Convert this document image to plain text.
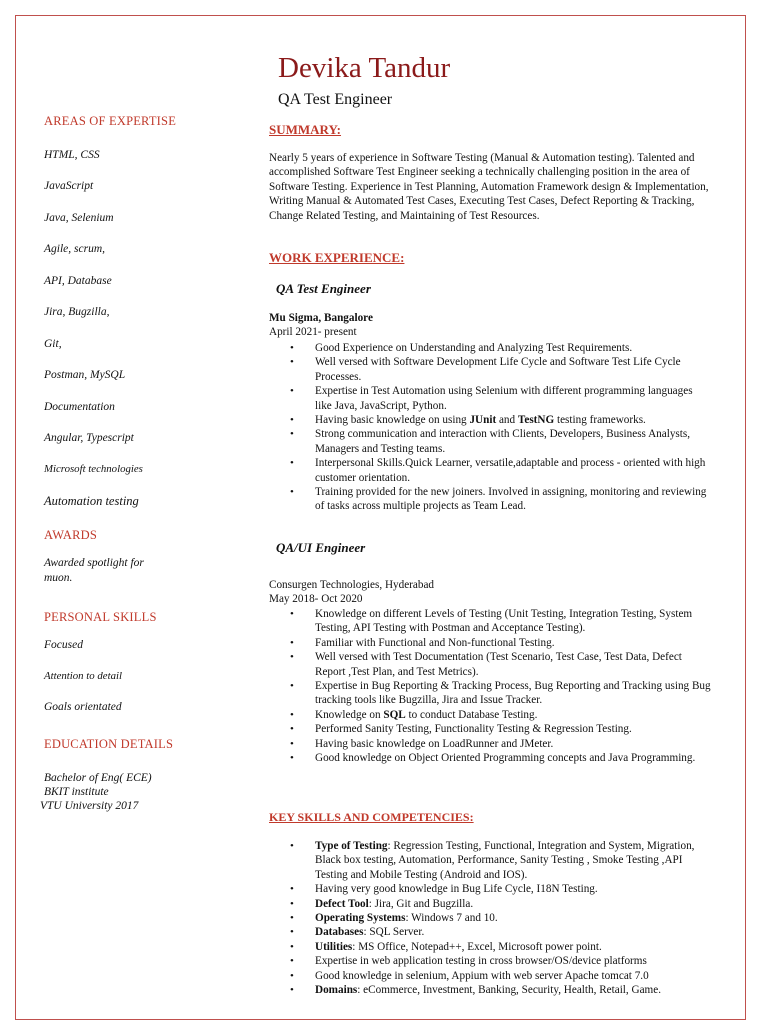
Devika Tandur
QA Test Engineer
AREAS OF EXPERTISE
HTML, CSS
JavaScript
Java, Selenium
Agile, scrum,
API, Database
Jira, Bugzilla,
Git,
Postman, MySQL
Documentation
Angular, Typescript
Microsoft technologies
Automation testing
AWARDS
Awarded spotlight for
muon.
PERSONAL SKILLS
Focused
Attention to detail
Goals orientated
EDUCATION DETAILS
Bachelor of Eng( ECE)
BKIT institute
VTU University 2017
SUMMARY:
Nearly 5 years of experience in Software Testing (Manual & Automation testing). Talented and accomplished Software Test Engineer seeking a technically challenging position in the area of Software Testing. Experience in Test Planning, Automation Framework design & Implementation, Writing Manual & Automated Test Cases, Executing Test Cases, Defect Reporting & Tracking, Change Related Testing, and Maintaining of Test Resources.
WORK EXPERIENCE:
QA Test Engineer
Mu Sigma, Bangalore
April 2021- present
• Good Experience on Understanding and Analyzing Test Requirements.
• Well versed with Software Development Life Cycle and Software Test Life Cycle Processes.
• Expertise in Test Automation using Selenium with different programming languages like Java, JavaScript, Python.
• Having basic knowledge on using JUnit and TestNG testing frameworks.
• Strong communication and interaction with Clients, Developers, Business Analysts, Managers and Testing teams.
• Interpersonal Skills.Quick Learner, versatile,adaptable and process - oriented with high customer orientation.
• Training provided for the new joiners. Involved in assigning, monitoring and reviewing of tasks across multiple projects as Team Lead.
QA/UI Engineer
Consurgen Technologies, Hyderabad
May 2018- Oct 2020
• Knowledge on different Levels of Testing (Unit Testing, Integration Testing, System Testing, API Testing with Postman and Acceptance Testing).
• Familiar with Functional and Non-functional Testing.
• Well versed with Test Documentation (Test Scenario, Test Case, Test Data, Defect Report ,Test Plan, and Test Metrics).
• Expertise in Bug Reporting & Tracking Process, Bug Reporting and Tracking using Bug tracking tools like Bugzilla, Jira and Issue Tracker.
• Knowledge on SQL to conduct Database Testing.
• Performed Sanity Testing, Functionality Testing & Regression Testing.
• Having basic knowledge on LoadRunner and JMeter.
• Good knowledge on Object Oriented Programming concepts and Java Programming.
KEY SKILLS AND COMPETENCIES:
• Type of Testing: Regression Testing, Functional, Integration and System, Migration, Black box testing, Automation, Performance, Sanity Testing , Smoke Testing ,API Testing and Mobile Testing (Android and IOS).
• Having very good knowledge in Bug Life Cycle, I18N Testing.
• Defect Tool: Jira, Git and Bugzilla.
• Operating Systems: Windows 7 and 10.
• Databases: SQL Server.
• Utilities: MS Office, Notepad++, Excel, Microsoft power point.
• Expertise in web application testing in cross browser/OS/device platforms
• Good knowledge in selenium, Appium with web server Apache tomcat 7.0
• Domains: eCommerce, Investment, Banking, Security, Health, Retail, Game.
